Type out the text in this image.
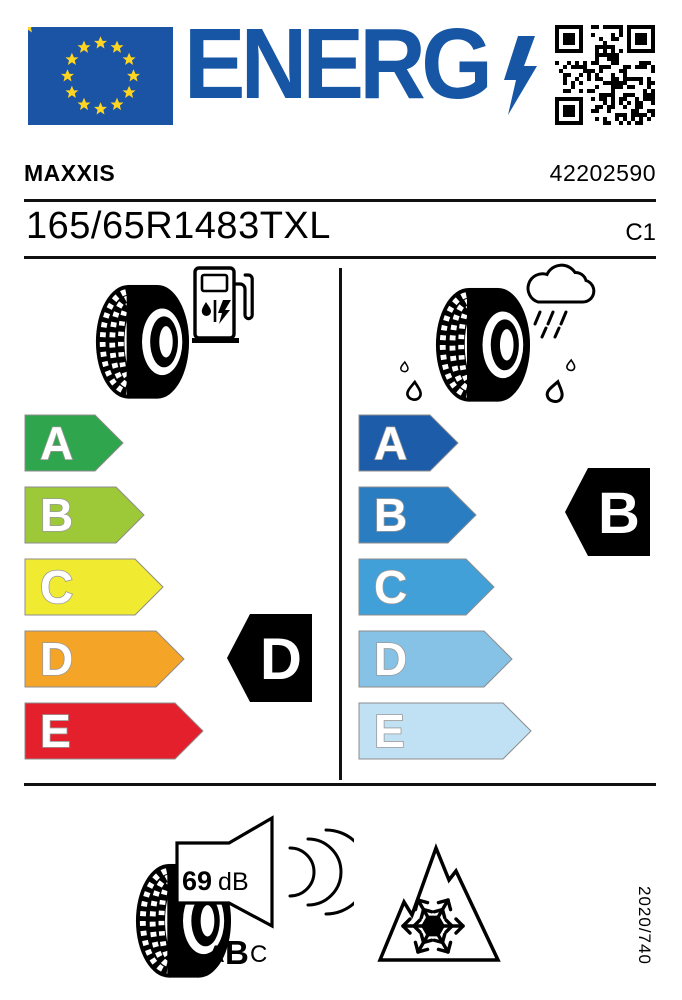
ENERG
MAXXIS	42202590
165/65R1483TXL	C1
A
B
C
D
E
D
A
B
C
D
E
B
69 dB
A B C	2020/740
